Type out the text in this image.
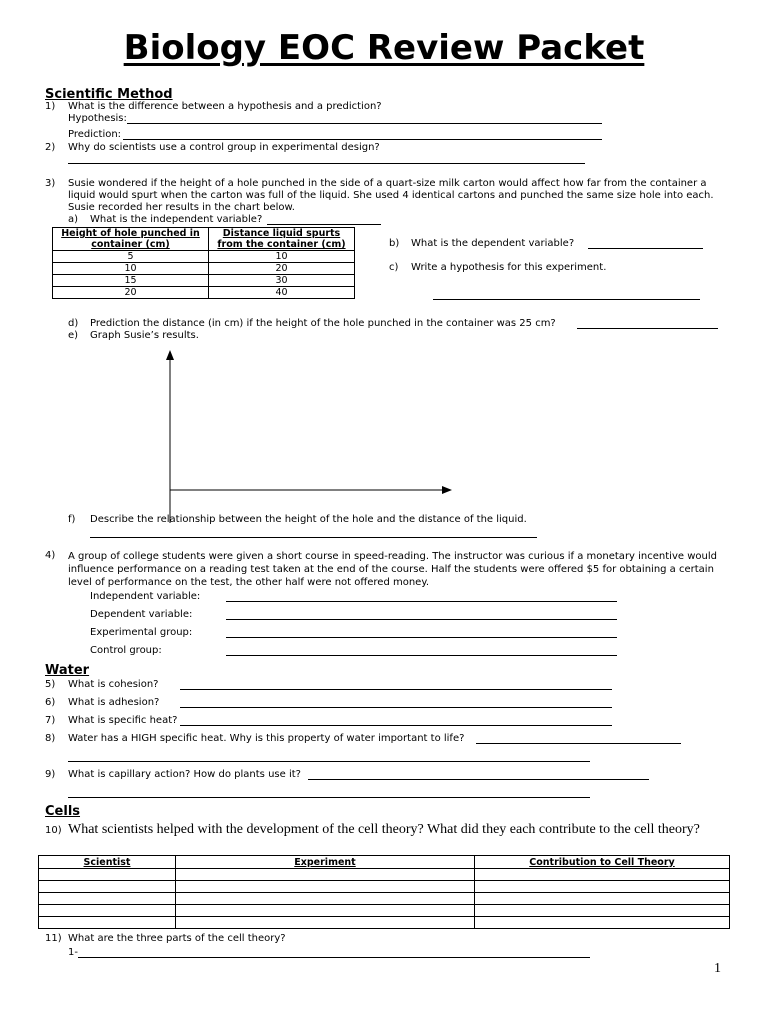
Biology EOC Review Packet
Scientific Method
1) What is the difference between a hypothesis and a prediction?
Hypothesis:
Prediction:
2) Why do scientists use a control group in experimental design?
3) Susie wondered if the height of a hole punched in the side of a quart-size milk carton would affect how far from the container a liquid would spurt when the carton was full of the liquid. She used 4 identical cartons and punched the same size hole into each. Susie recorded her results in the chart below.
a) What is the independent variable?
Height of hole punched in container (cm)	Distance liquid spurts from the container (cm)
5	10
10	20
15	30
20	40
b) What is the dependent variable?
c) Write a hypothesis for this experiment.
d) Prediction the distance (in cm) if the height of the hole punched in the container was 25 cm?
e) Graph Susie’s results.
f) Describe the relationship between the height of the hole and the distance of the liquid.
4) A group of college students were given a short course in speed-reading. The instructor was curious if a monetary incentive would influence performance on a reading test taken at the end of the course. Half the students were offered $5 for obtaining a certain level of performance on the test, the other half were not offered money.
Independent variable:
Dependent variable:
Experimental group:
Control group:
Water
5) What is cohesion?
6) What is adhesion?
7) What is specific heat?
8) Water has a HIGH specific heat. Why is this property of water important to life?
9) What is capillary action? How do plants use it?
Cells
10) What scientists helped with the development of the cell theory? What did they each contribute to the cell theory?
Scientist	Experiment	Contribution to Cell Theory

11) What are the three parts of the cell theory?
1-
1
